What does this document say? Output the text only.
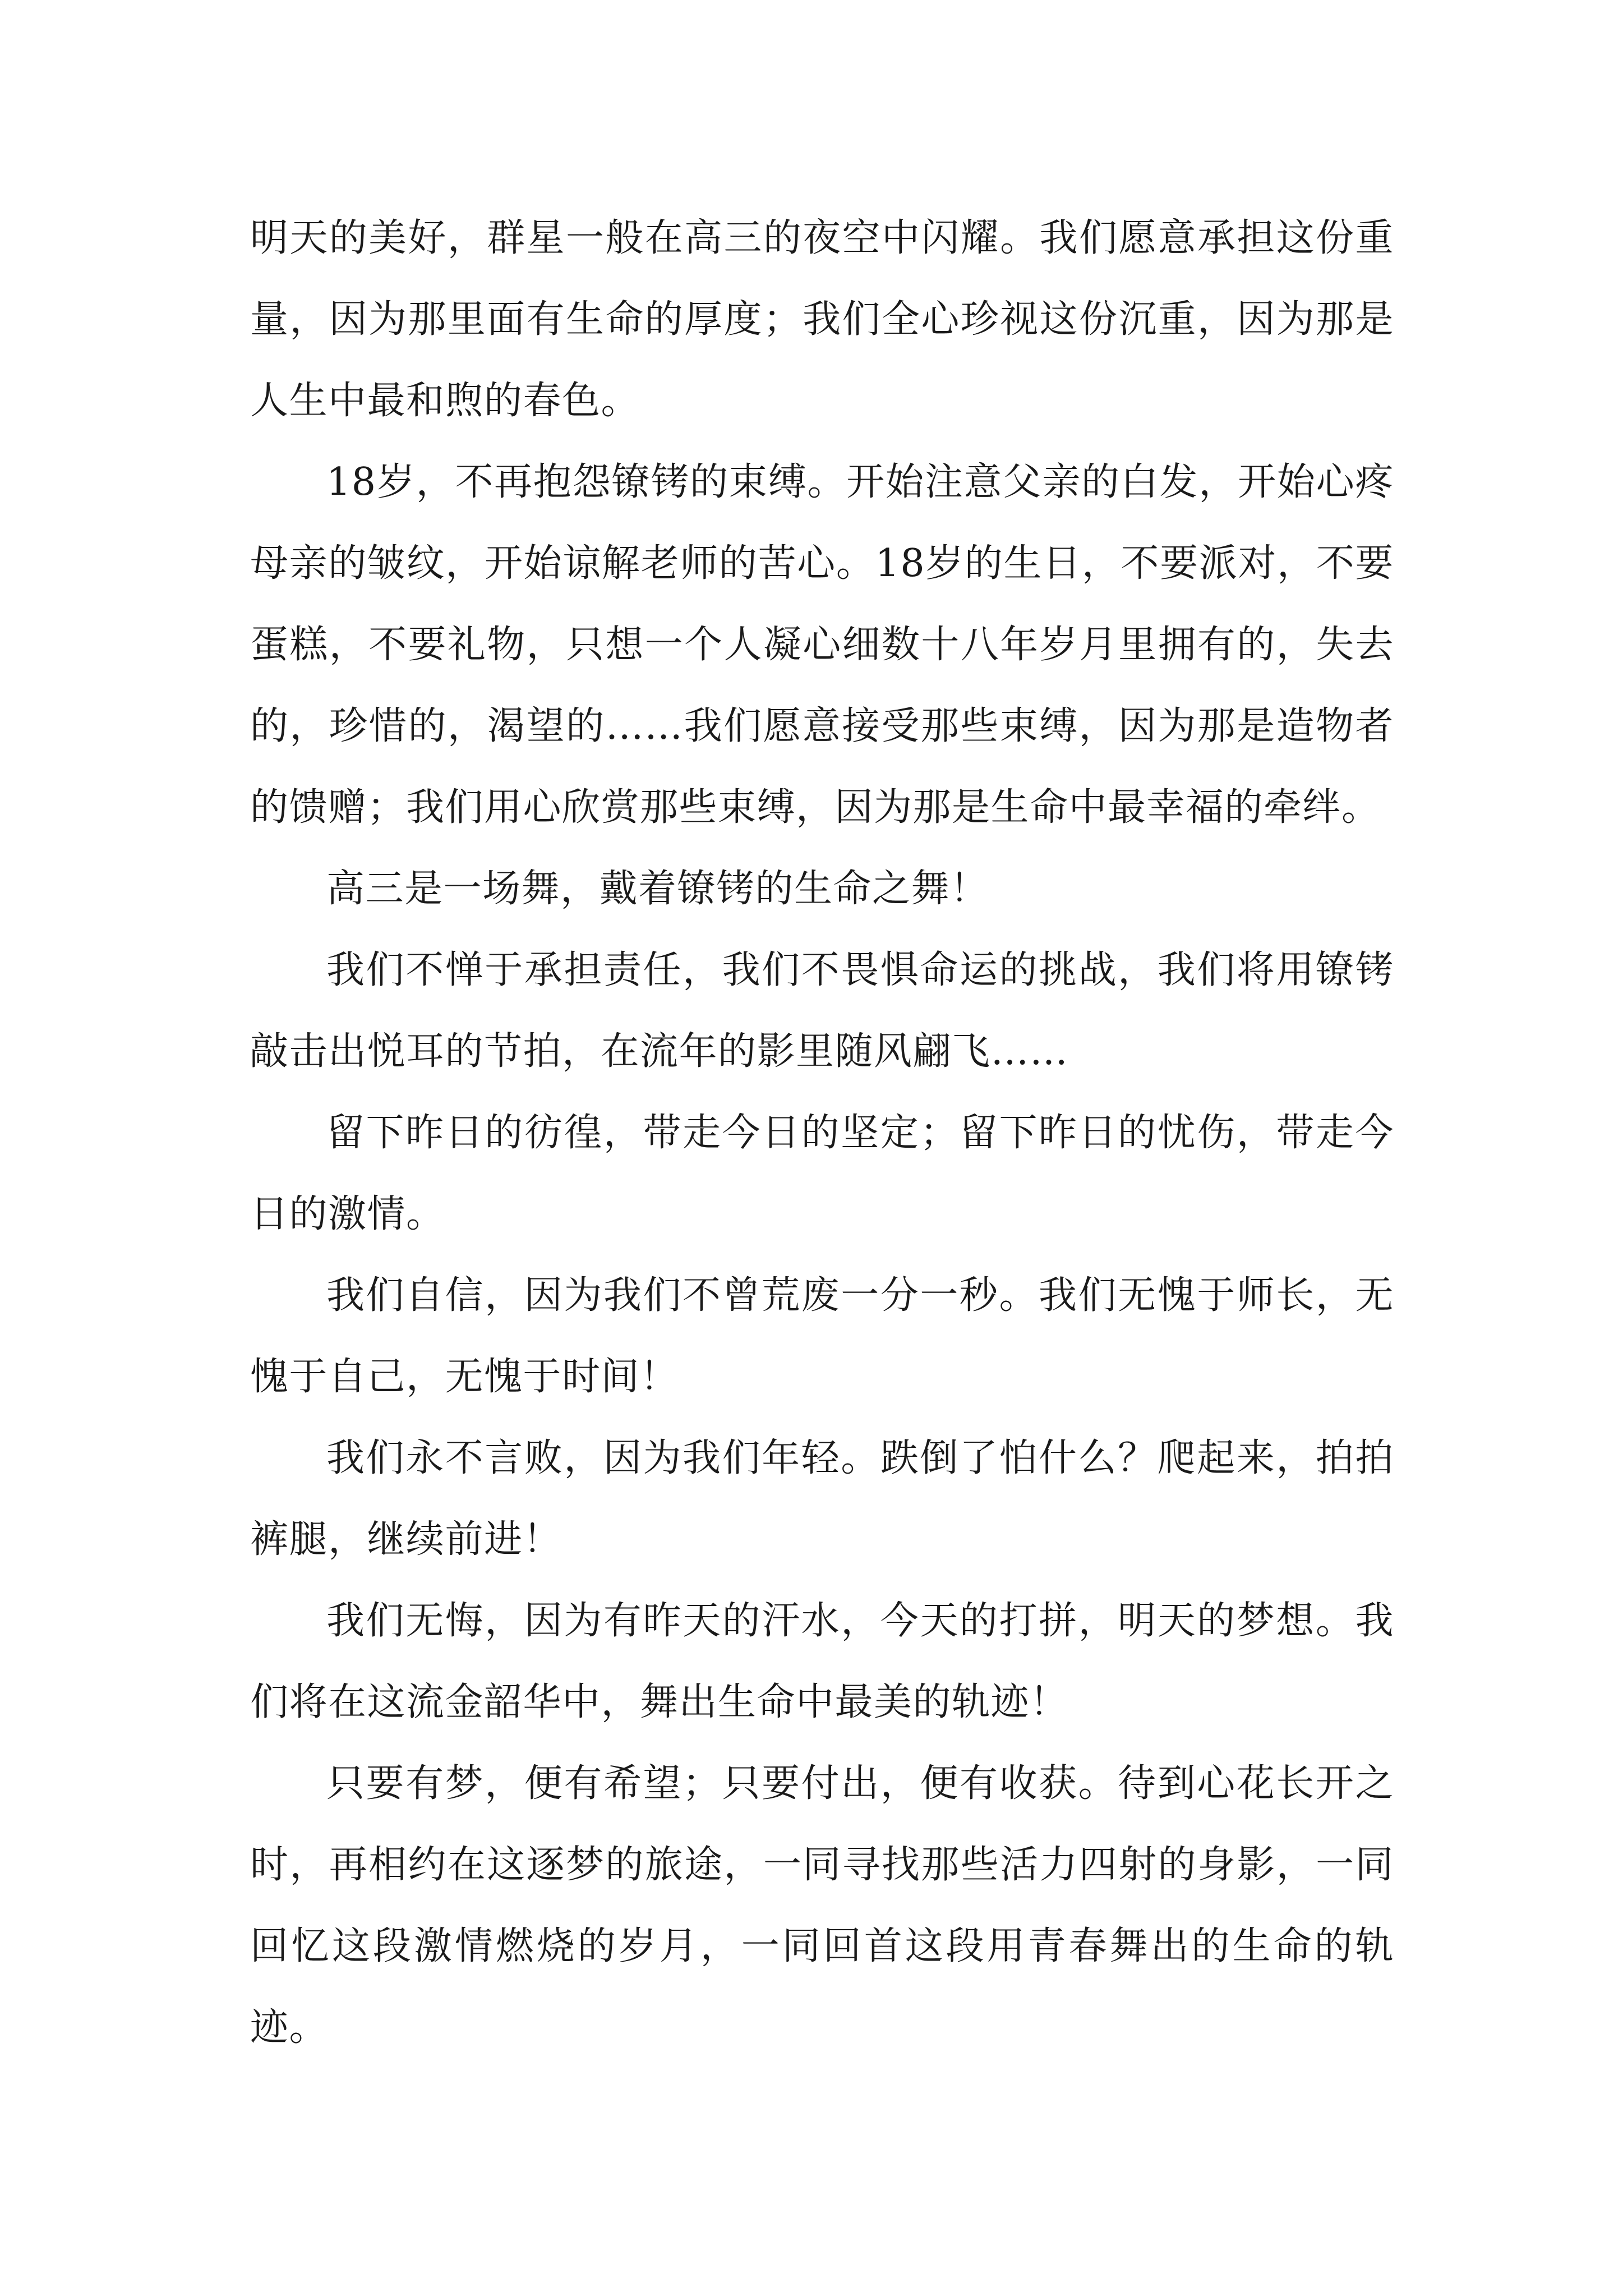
明天的美好，群星一般在高三的夜空中闪耀。我们愿意承担这份重量，因为那里面有生命的厚度；我们全心珍视这份沉重，因为那是人生中最和煦的春色。

18岁，不再抱怨镣铐的束缚。开始注意父亲的白发，开始心疼母亲的皱纹，开始谅解老师的苦心。18岁的生日，不要派对，不要蛋糕，不要礼物，只想一个人凝心细数十八年岁月里拥有的，失去的，珍惜的，渴望的……我们愿意接受那些束缚，因为那是造物者的馈赠；我们用心欣赏那些束缚，因为那是生命中最幸福的牵绊。

高三是一场舞，戴着镣铐的生命之舞！

我们不惮于承担责任，我们不畏惧命运的挑战，我们将用镣铐敲击出悦耳的节拍，在流年的影里随风翩飞……

留下昨日的彷徨，带走今日的坚定；留下昨日的忧伤，带走今日的激情。

我们自信，因为我们不曾荒废一分一秒。我们无愧于师长，无愧于自己，无愧于时间！

我们永不言败，因为我们年轻。跌倒了怕什么？爬起来，拍拍裤腿，继续前进！

我们无悔，因为有昨天的汗水，今天的打拼，明天的梦想。我们将在这流金韶华中，舞出生命中最美的轨迹！

只要有梦，便有希望；只要付出，便有收获。待到心花长开之时，再相约在这逐梦的旅途，一同寻找那些活力四射的身影，一同回忆这段激情燃烧的岁月，一同回首这段用青春舞出的生命的轨迹。
